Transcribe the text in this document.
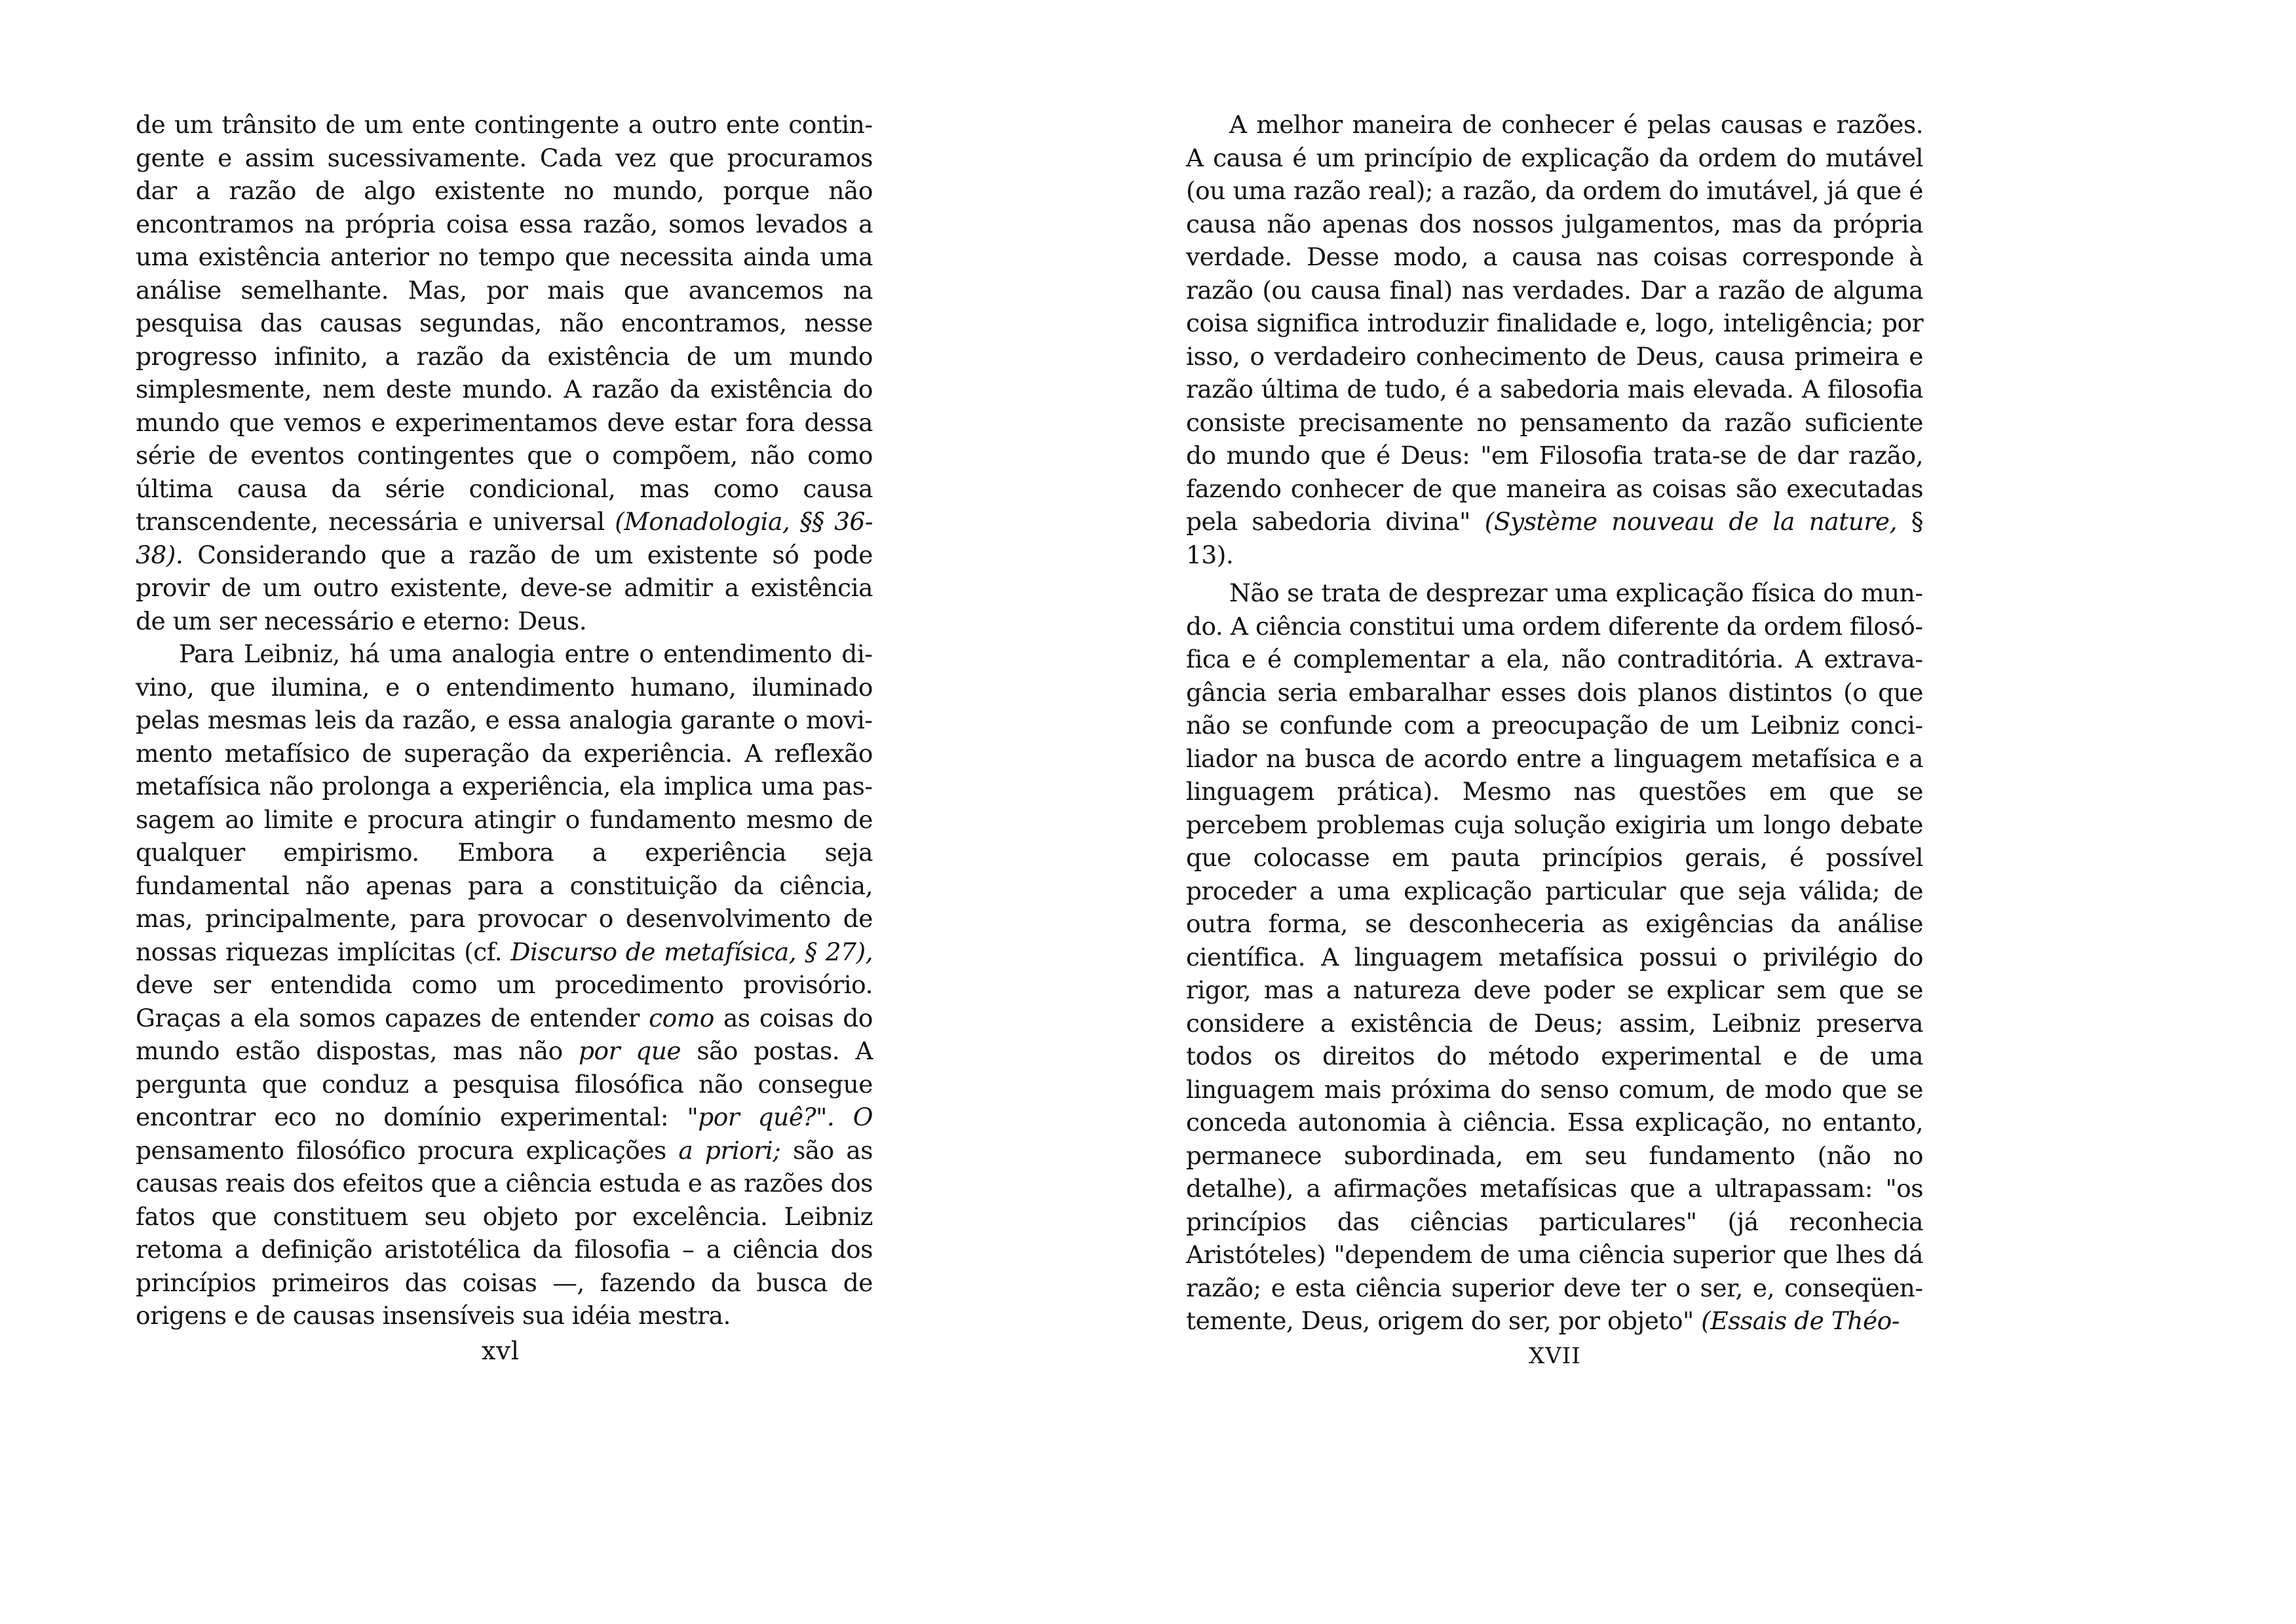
de um trânsito de um ente contingente a outro ente contingente e assim sucessivamente. Cada vez que procuramos dar a razão de algo existente no mundo, porque não encontramos na própria coisa essa razão, somos levados a uma existência anterior no tempo que necessita ainda uma análise semelhante. Mas, por mais que avancemos na pesquisa das causas segundas, não encontramos, nesse progresso infinito, a razão da existência de um mundo simplesmente, nem deste mundo. A razão da existência do mundo que vemos e experimentamos deve estar fora dessa série de eventos contingentes que o compõem, não como última causa da série condicional, mas como causa transcendente, necessária e universal (Monadologia, §§ 36-38). Considerando que a razão de um existente só pode provir de um outro existente, deve-se admitir a existência de um ser necessário e eterno: Deus.

Para Leibniz, há uma analogia entre o entendimento divino, que ilumina, e o entendimento humano, iluminado pelas mesmas leis da razão, e essa analogia garante o movimento metafísico de superação da experiência. A reflexão metafísica não prolonga a experiência, ela implica uma passagem ao limite e procura atingir o fundamento mesmo de qualquer empirismo. Embora a experiência seja fundamental não apenas para a constituição da ciência, mas, principalmente, para provocar o desenvolvimento de nossas riquezas implícitas (cf. Discurso de metafísica, § 27), deve ser entendida como um procedimento provisório. Graças a ela somos capazes de entender como as coisas do mundo estão dispostas, mas não por que são postas. A pergunta que conduz a pesquisa filosófica não consegue encontrar eco no domínio experimental: "por quê?". O pensamento filosófico procura explicações a priori; são as causas reais dos efeitos que a ciência estuda e as razões dos fatos que constituem seu objeto por excelência. Leibniz retoma a definição aristotélica da filosofia – a ciência dos princípios primeiros das coisas —, fazendo da busca de origens e de causas insensíveis sua idéia mestra.

A melhor maneira de conhecer é pelas causas e razões. A causa é um princípio de explicação da ordem do mutável (ou uma razão real); a razão, da ordem do imutável, já que é causa não apenas dos nossos julgamentos, mas da própria verdade. Desse modo, a causa nas coisas corresponde à razão (ou causa final) nas verdades. Dar a razão de alguma coisa significa introduzir finalidade e, logo, inteligência; por isso, o verdadeiro conhecimento de Deus, causa primeira e razão última de tudo, é a sabedoria mais elevada. A filosofia consiste precisamente no pensamento da razão suficiente do mundo que é Deus: "em Filosofia trata-se de dar razão, fazendo conhecer de que maneira as coisas são executadas pela sabedoria divina" (Système nouveau de la nature, § 13).

Não se trata de desprezar uma explicação física do mundo. A ciência constitui uma ordem diferente da ordem filosófica e é complementar a ela, não contraditória. A extravagância seria embaralhar esses dois planos distintos (o que não se confunde com a preocupação de um Leibniz conciliador na busca de acordo entre a linguagem metafísica e a linguagem prática). Mesmo nas questões em que se percebem problemas cuja solução exigiria um longo debate que colocasse em pauta princípios gerais, é possível proceder a uma explicação particular que seja válida; de outra forma, se desconheceria as exigências da análise científica. A linguagem metafísica possui o privilégio do rigor, mas a natureza deve poder se explicar sem que se considere a existência de Deus; assim, Leibniz preserva todos os direitos do método experimental e de uma linguagem mais próxima do senso comum, de modo que se conceda autonomia à ciência. Essa explicação, no entanto, permanece subordinada, em seu fundamento (não no detalhe), a afirmações metafísicas que a ultrapassam: "os princípios das ciências particulares" (já reconhecia Aristóteles) "dependem de uma ciência superior que lhes dá razão; e esta ciência superior deve ter o ser, e, conseqüentemente, Deus, origem do ser, por objeto" (Essais de Théo-

xvl	XVII
